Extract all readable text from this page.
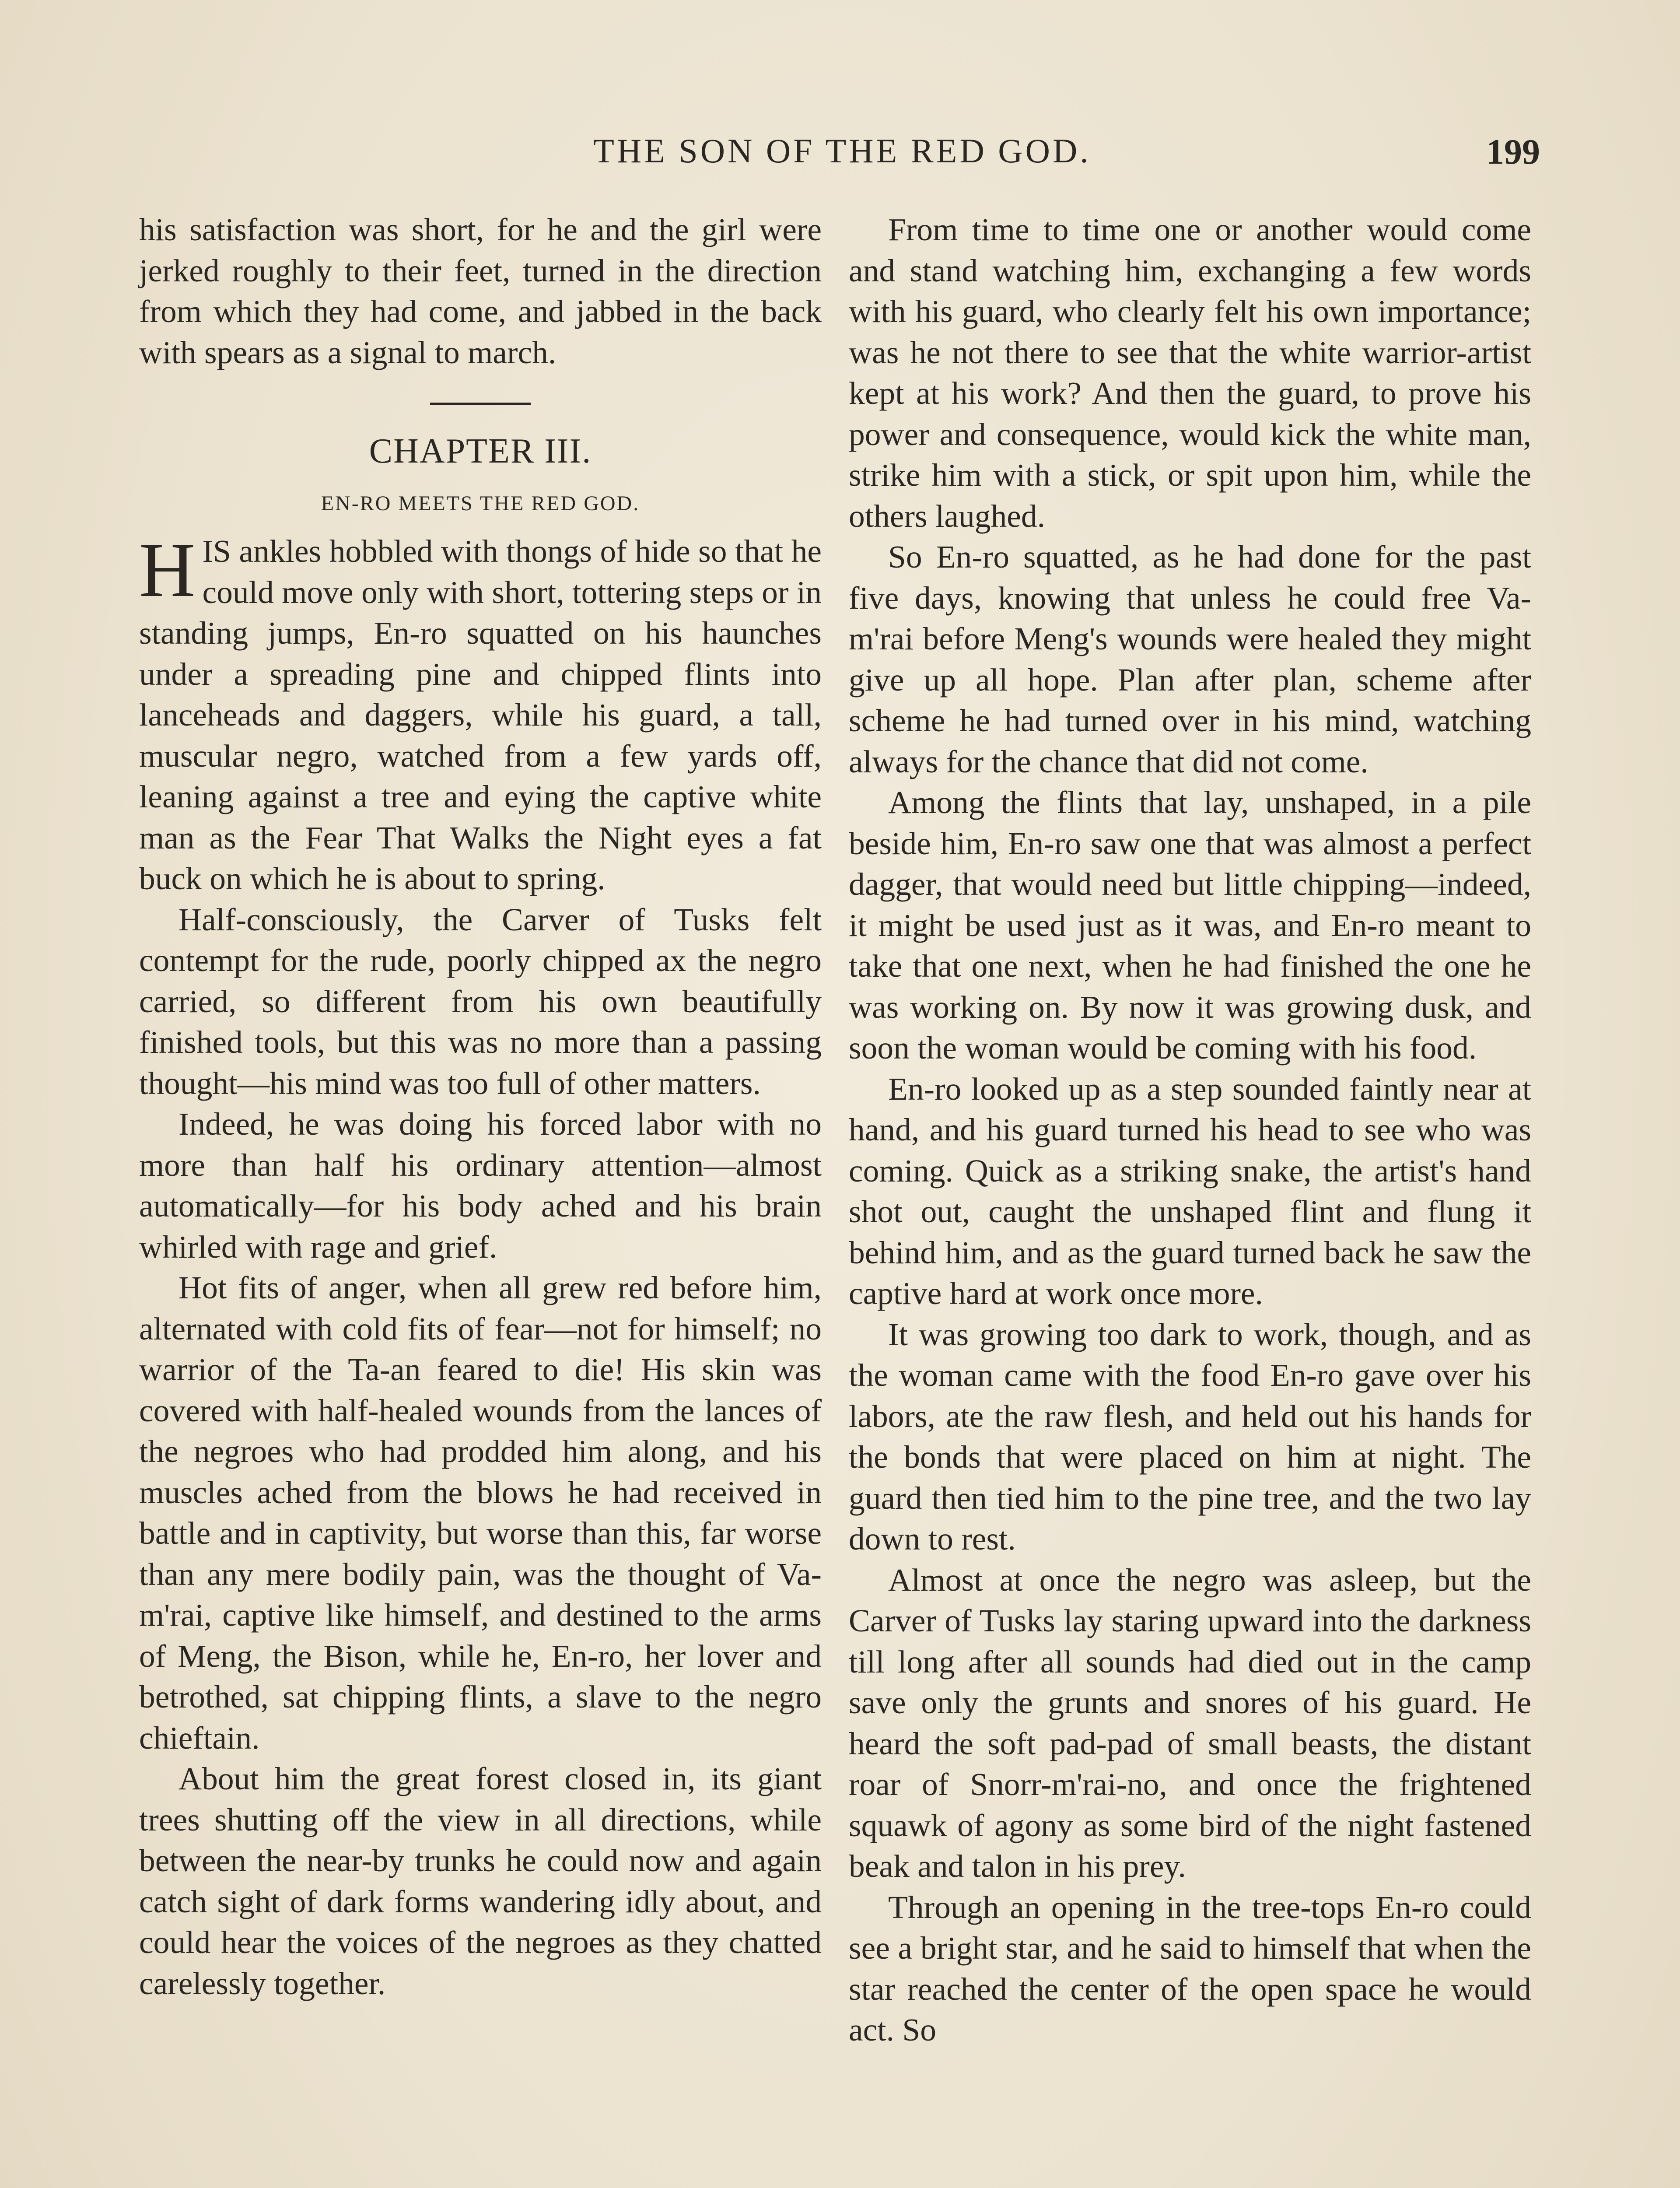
THE SON OF THE RED GOD.	199

his satisfaction was short, for he and the girl were jerked roughly to their feet, turned in the direction from which they had come, and jabbed in the back with spears as a signal to march.

CHAPTER III.
EN-RO MEETS THE RED GOD.

HIS ankles hobbled with thongs of hide so that he could move only with short, tottering steps or in standing jumps, En-ro squatted on his haunches under a spreading pine and chipped flints into lanceheads and daggers, while his guard, a tall, muscular negro, watched from a few yards off, leaning against a tree and eying the captive white man as the Fear That Walks the Night eyes a fat buck on which he is about to spring.

Half-consciously, the Carver of Tusks felt contempt for the rude, poorly chipped ax the negro carried, so different from his own beautifully finished tools, but this was no more than a passing thought—his mind was too full of other matters.

Indeed, he was doing his forced labor with no more than half his ordinary attention—almost automatically—for his body ached and his brain whirled with rage and grief.

Hot fits of anger, when all grew red before him, alternated with cold fits of fear—not for himself; no warrior of the Ta-an feared to die! His skin was covered with half-healed wounds from the lances of the negroes who had prodded him along, and his muscles ached from the blows he had received in battle and in captivity, but worse than this, far worse than any mere bodily pain, was the thought of Va-m'rai, captive like himself, and destined to the arms of Meng, the Bison, while he, En-ro, her lover and betrothed, sat chipping flints, a slave to the negro chieftain.

About him the great forest closed in, its giant trees shutting off the view in all directions, while between the near-by trunks he could now and again catch sight of dark forms wandering idly about, and could hear the voices of the negroes as they chatted carelessly together.

From time to time one or another would come and stand watching him, exchanging a few words with his guard, who clearly felt his own importance; was he not there to see that the white warrior-artist kept at his work? And then the guard, to prove his power and consequence, would kick the white man, strike him with a stick, or spit upon him, while the others laughed.

So En-ro squatted, as he had done for the past five days, knowing that unless he could free Va-m'rai before Meng's wounds were healed they might give up all hope. Plan after plan, scheme after scheme he had turned over in his mind, watching always for the chance that did not come.

Among the flints that lay, unshaped, in a pile beside him, En-ro saw one that was almost a perfect dagger, that would need but little chipping—indeed, it might be used just as it was, and En-ro meant to take that one next, when he had finished the one he was working on. By now it was growing dusk, and soon the woman would be coming with his food.

En-ro looked up as a step sounded faintly near at hand, and his guard turned his head to see who was coming. Quick as a striking snake, the artist's hand shot out, caught the unshaped flint and flung it behind him, and as the guard turned back he saw the captive hard at work once more.

It was growing too dark to work, though, and as the woman came with the food En-ro gave over his labors, ate the raw flesh, and held out his hands for the bonds that were placed on him at night. The guard then tied him to the pine tree, and the two lay down to rest.

Almost at once the negro was asleep, but the Carver of Tusks lay staring upward into the darkness till long after all sounds had died out in the camp save only the grunts and snores of his guard. He heard the soft pad-pad of small beasts, the distant roar of Snorr-m'rai-no, and once the frightened squawk of agony as some bird of the night fastened beak and talon in his prey.

Through an opening in the tree-tops En-ro could see a bright star, and he said to himself that when the star reached the center of the open space he would act. So
